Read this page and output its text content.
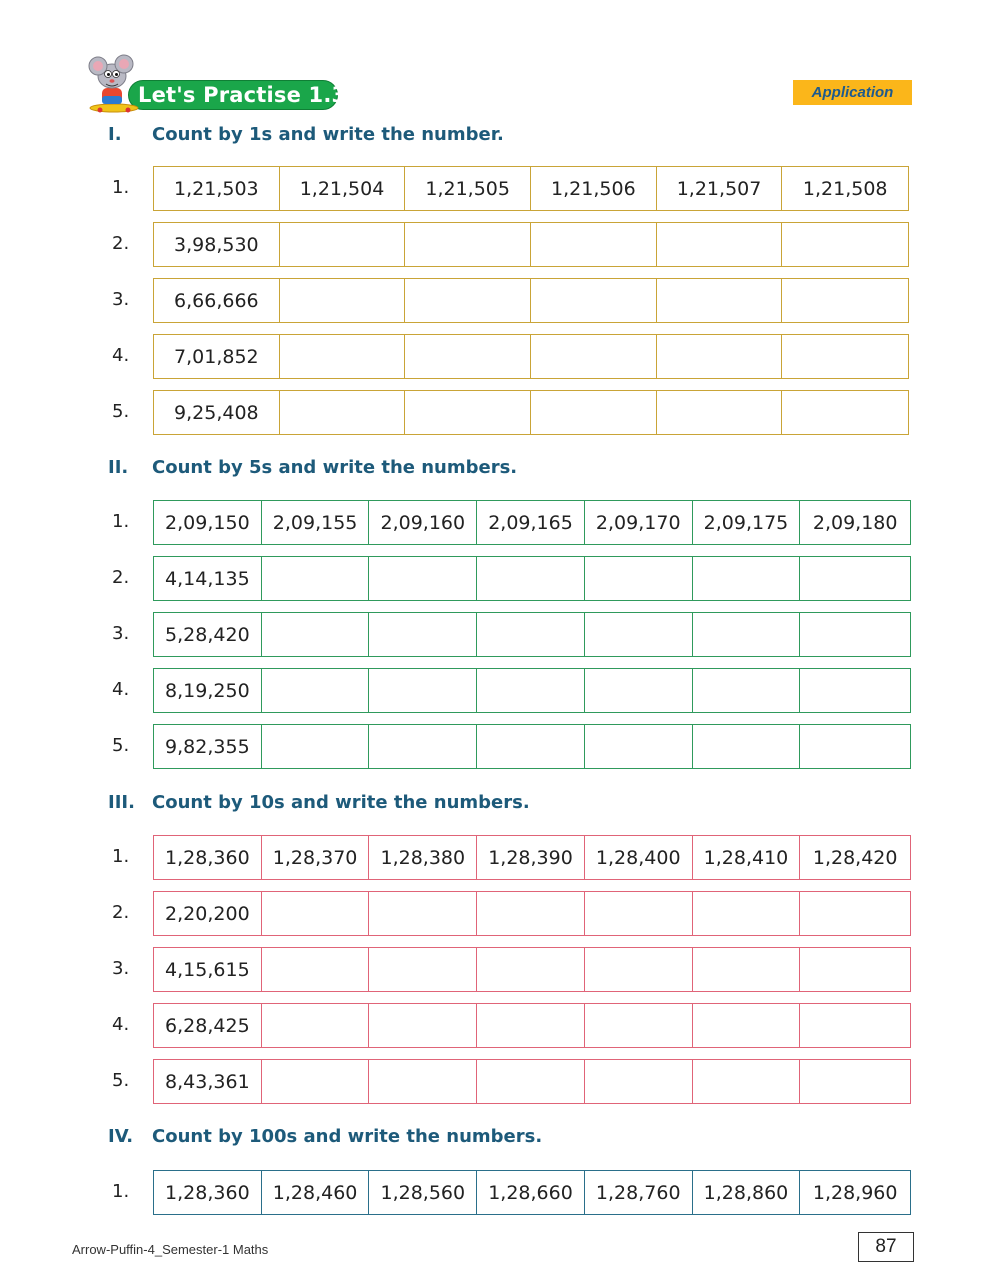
Let's Practise 1.3	Application
I. Count by 1s and write the number.
1.	1,21,503	1,21,504	1,21,505	1,21,506	1,21,507	1,21,508
2.	3,98,530
3.	6,66,666
4.	7,01,852
5.	9,25,408
II. Count by 5s and write the numbers.
1.	2,09,150	2,09,155	2,09,160	2,09,165	2,09,170	2,09,175	2,09,180
2.	4,14,135
3.	5,28,420
4.	8,19,250
5.	9,82,355
III. Count by 10s and write the numbers.
1.	1,28,360	1,28,370	1,28,380	1,28,390	1,28,400	1,28,410	1,28,420
2.	2,20,200
3.	4,15,615
4.	6,28,425
5.	8,43,361
IV. Count by 100s and write the numbers.
1.	1,28,360	1,28,460	1,28,560	1,28,660	1,28,760	1,28,860	1,28,960
Arrow-Puffin-4_Semester-1 Maths	87
